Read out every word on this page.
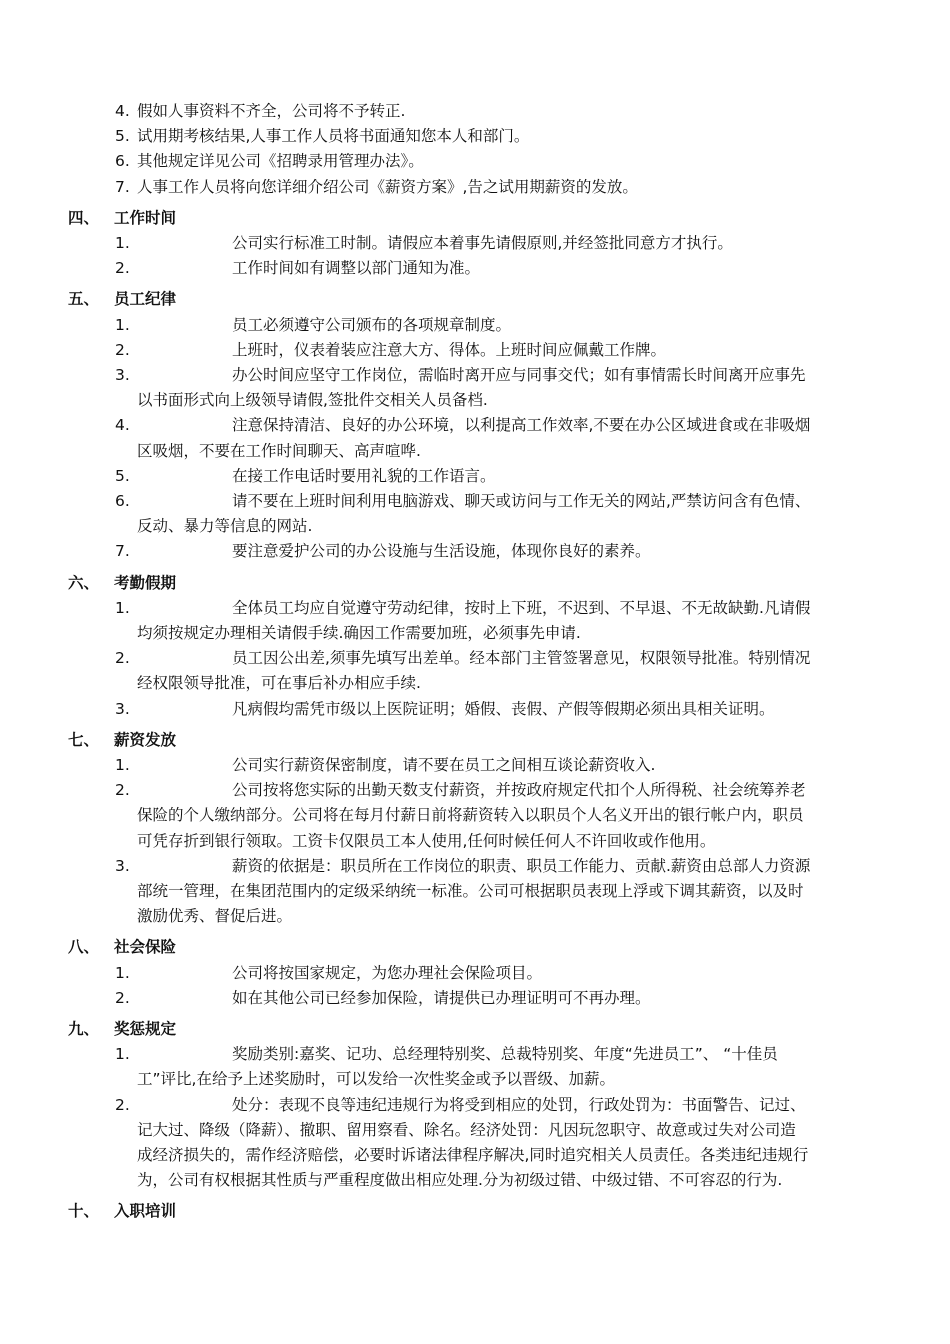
4. 假如人事资料不齐全，公司将不予转正.
5. 试用期考核结果,人事工作人员将书面通知您本人和部门。
6. 其他规定详见公司《招聘录用管理办法》。
7. 人事工作人员将向您详细介绍公司《薪资方案》,告之试用期薪资的发放。
四、 工作时间
1.	公司实行标准工时制。请假应本着事先请假原则,并经签批同意方才执行。
2.	工作时间如有调整以部门通知为准。
五、 员工纪律
1.	员工必须遵守公司颁布的各项规章制度。
2.	上班时，仪表着装应注意大方、得体。上班时间应佩戴工作牌。
3.	办公时间应坚守工作岗位，需临时离开应与同事交代；如有事情需长时间离开应事先
以书面形式向上级领导请假,签批件交相关人员备档.
4.	注意保持清洁、良好的办公环境，以利提高工作效率,不要在办公区域进食或在非吸烟
区吸烟，不要在工作时间聊天、高声喧哗.
5.	在接工作电话时要用礼貌的工作语言。
6.	请不要在上班时间利用电脑游戏、聊天或访问与工作无关的网站,严禁访问含有色情、
反动、暴力等信息的网站.
7.	要注意爱护公司的办公设施与生活设施，体现你良好的素养。
六、 考勤假期
1.	全体员工均应自觉遵守劳动纪律，按时上下班，不迟到、不早退、不无故缺勤.凡请假
均须按规定办理相关请假手续.确因工作需要加班，必须事先申请.
2.	员工因公出差,须事先填写出差单。经本部门主管签署意见，权限领导批准。特别情况
经权限领导批准，可在事后补办相应手续.
3.	凡病假均需凭市级以上医院证明；婚假、丧假、产假等假期必须出具相关证明。
七、 薪资发放
1.	公司实行薪资保密制度，请不要在员工之间相互谈论薪资收入.
2.	公司按将您实际的出勤天数支付薪资，并按政府规定代扣个人所得税、社会统筹养老
保险的个人缴纳部分。公司将在每月付薪日前将薪资转入以职员个人名义开出的银行帐户内，职员
可凭存折到银行领取。工资卡仅限员工本人使用,任何时候任何人不许回收或作他用。
3.	薪资的依据是：职员所在工作岗位的职责、职员工作能力、贡献.薪资由总部人力资源
部统一管理，在集团范围内的定级采纳统一标准。公司可根据职员表现上浮或下调其薪资，以及时
激励优秀、督促后进。
八、 社会保险
1.	公司将按国家规定，为您办理社会保险项目。
2.	如在其他公司已经参加保险，请提供已办理证明可不再办理。
九、 奖惩规定
1.	奖励类别:嘉奖、记功、总经理特别奖、总裁特别奖、年度“先进员工”、 “十佳员
工”评比,在给予上述奖励时，可以发给一次性奖金或予以晋级、加薪。
2.	处分：表现不良等违纪违规行为将受到相应的处罚，行政处罚为：书面警告、记过、
记大过、降级（降薪）、撤职、留用察看、除名。经济处罚：凡因玩忽职守、故意或过失对公司造
成经济损失的，需作经济赔偿，必要时诉诸法律程序解决,同时追究相关人员责任。各类违纪违规行
为，公司有权根据其性质与严重程度做出相应处理.分为初级过错、中级过错、不可容忍的行为.
十、 入职培训
